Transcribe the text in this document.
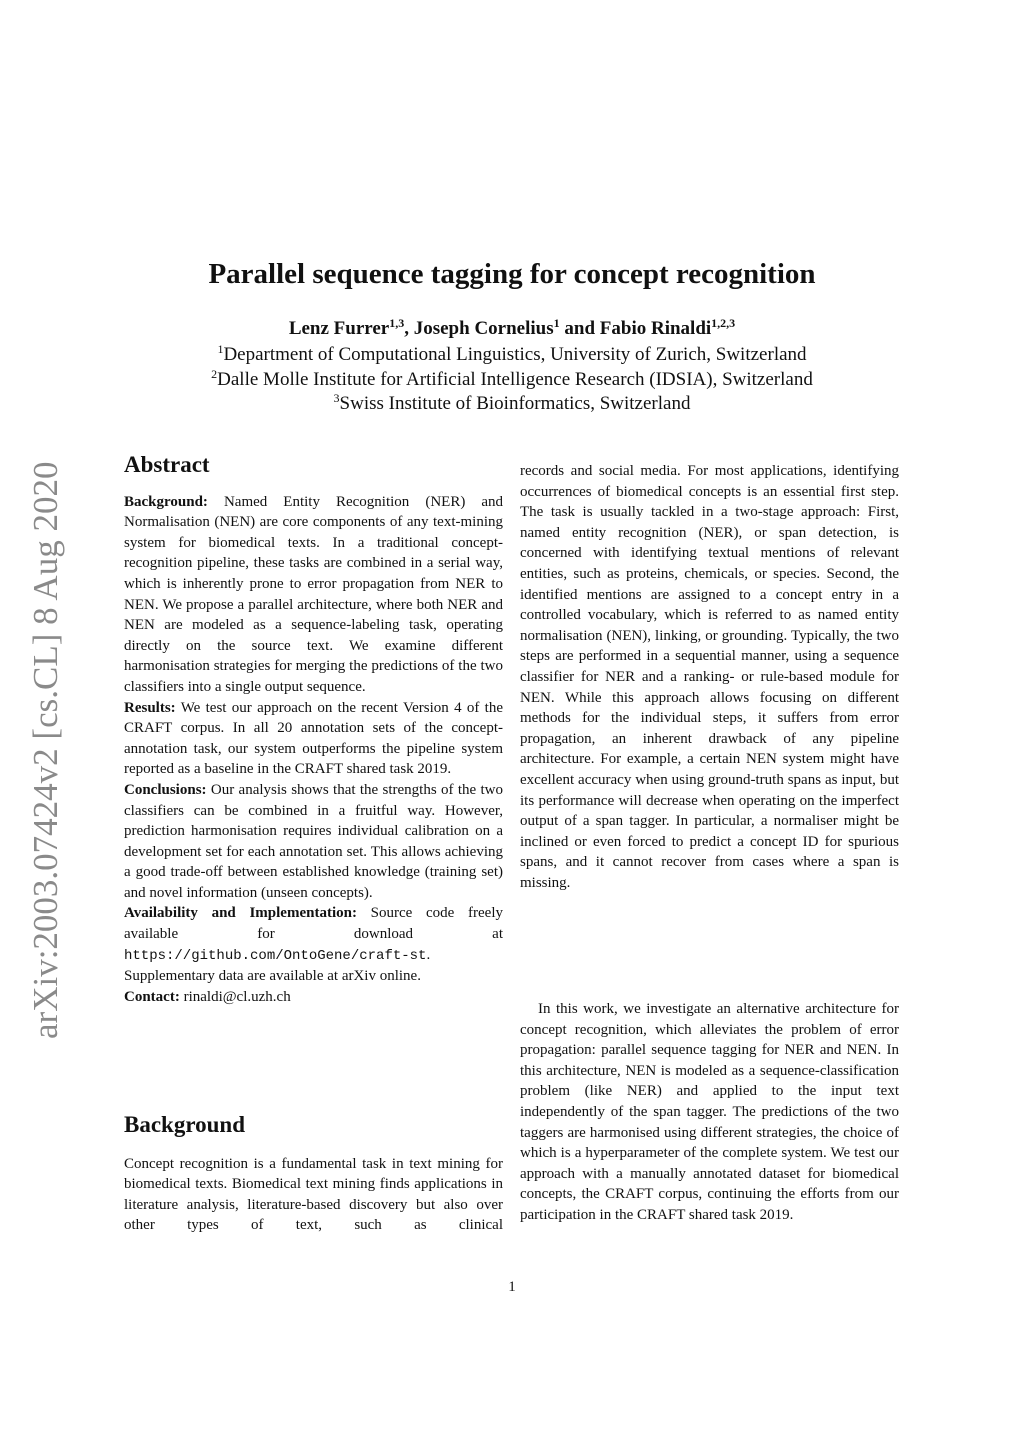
arXiv:2003.07424v2 [cs.CL] 8 Aug 2020
Parallel sequence tagging for concept recognition
Lenz Furrer$^{1,3}$, Joseph Cornelius$^1$ and Fabio Rinaldi$^{1,2,3}$
$^1$Department of Computational Linguistics, University of Zurich, Switzerland
$^2$Dalle Molle Institute for Artificial Intelligence Research (IDSIA), Switzerland
$^3$Swiss Institute of Bioinformatics, Switzerland
Abstract

Background: Named Entity Recognition (NER) and Normalisation (NEN) are core components of any text-mining system for biomedical texts. In a traditional concept-recognition pipeline, these tasks are combined in a serial way, which is inherently prone to error propagation from NER to NEN. We propose a parallel architecture, where both NER and NEN are modeled as a sequence-labeling task, operating directly on the source text. We examine different harmonisation strategies for merging the predictions of the two classifiers into a single output sequence.

Results: We test our approach on the recent Version 4 of the CRAFT corpus. In all 20 annotation sets of the concept-annotation task, our system outperforms the pipeline system reported as a baseline in the CRAFT shared task 2019.

Conclusions: Our analysis shows that the strengths of the two classifiers can be combined in a fruitful way. However, prediction harmonisation requires individual calibration on a development set for each annotation set. This allows achieving a good trade-off between established knowledge (training set) and novel information (unseen concepts).

Availability and Implementation: Source code freely available for download at https://github.com/OntoGene/craft-st. Supplementary data are available at arXiv online.

Contact: rinaldi@cl.uzh.ch

Background

Concept recognition is a fundamental task in text mining for biomedical texts. Biomedical text mining finds applications in literature analysis, literature-based discovery but also over other types of text, such as clinical

records and social media. For most applications, identifying occurrences of biomedical concepts is an essential first step. The task is usually tackled in a two-stage approach: First, named entity recognition (NER), or span detection, is concerned with identifying textual mentions of relevant entities, such as proteins, chemicals, or species. Second, the identified mentions are assigned to a concept entry in a controlled vocabulary, which is referred to as named entity normalisation (NEN), linking, or grounding. Typically, the two steps are performed in a sequential manner, using a sequence classifier for NER and a ranking- or rule-based module for NEN. While this approach allows focusing on different methods for the individual steps, it suffers from error propagation, an inherent drawback of any pipeline architecture. For example, a certain NEN system might have excellent accuracy when using ground-truth spans as input, but its performance will decrease when operating on the imperfect output of a span tagger. In particular, a normaliser might be inclined or even forced to predict a concept ID for spurious spans, and it cannot recover from cases where a span is missing.

In this work, we investigate an alternative architecture for concept recognition, which alleviates the problem of error propagation: parallel sequence tagging for NER and NEN. In this architecture, NEN is modeled as a sequence-classification problem (like NER) and applied to the input text independently of the span tagger. The predictions of the two taggers are harmonised using different strategies, the choice of which is a hyperparameter of the complete system. We test our approach with a manually annotated dataset for biomedical concepts, the CRAFT corpus, continuing the efforts from our participation in the CRAFT shared task 2019.

1
